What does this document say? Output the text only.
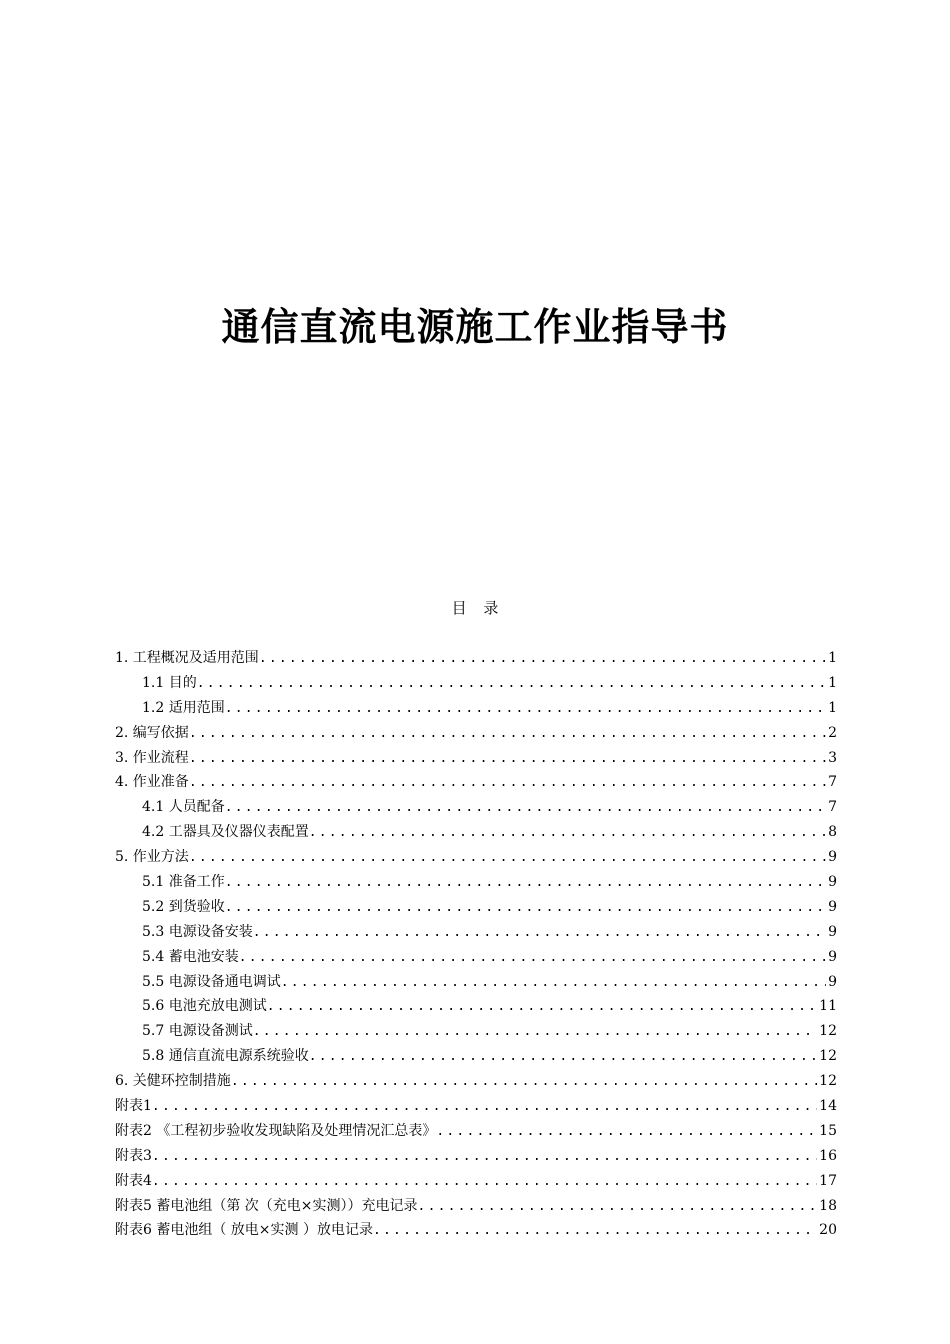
通信直流电源施工作业指导书
目 录
1. 工程概况及适用范围 .....	1
1.1 目的 .....	1
1.2 适用范围 .....	1
2. 编写依据 .....	2
3. 作业流程 .....	3
4. 作业准备 .....	7
4.1 人员配备 .....	7
4.2 工器具及仪器仪表配置 .....	8
5. 作业方法 .....	9
5.1 准备工作 .....	9
5.2 到货验收 .....	9
5.3 电源设备安装 .....	9
5.4 蓄电池安装 .....	9
5.5 电源设备通电调试 .....	9
5.6 电池充放电测试 .....	11
5.7 电源设备测试 .....	12
5.8 通信直流电源系统验收 .....	12
6. 关健环控制措施 .....	12
附表1 .....	14
附表2 《工程初步验收发现缺陷及处理情况汇总表》 .....	15
附表3 .....	16
附表4 .....	17
附表5 蓄电池组（第 次（充电×实测））充电记录 .....	18
附表6 蓄电池组（ 放电×实测 ）放电记录 .....	20
